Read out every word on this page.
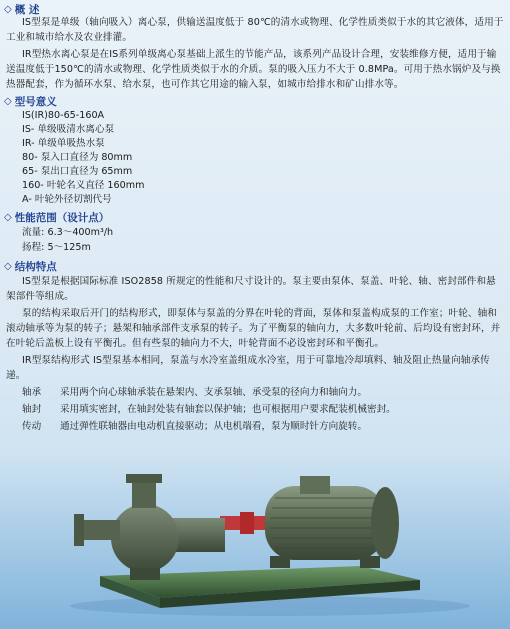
◇ 概 述
IS型泵是单级（轴向吸入）离心泵，供输送温度低于 80℃的清水或物理、化学性质类似于水的其它液体，适用于工业和城市给水及农业排灌。
IR型热水离心泵是在IS系列单级离心泵基础上派生的节能产品，该系列产品设计合理，安装维修方便，适用于输送温度低于150℃的清水或物理、化学性质类似于水的介质。泵的吸入压力不大于 0.8MPa。可用于热水锅炉及与换热器配套，作为循环水泵、给水泵，也可作其它用途的输入泵，如城市给排水和矿山排水等。
◇ 型号意义
IS(IR)80-65-160A
IS- 单级吸清水离心泵
IR- 单级单吸热水泵
80- 泵入口直径为 80mm
65- 泵出口直径为 65mm
160- 叶轮名义直径 160mm
A- 叶轮外径切割代号
◇ 性能范围（设计点）
流量: 6.3～400m³/h
扬程: 5～125m
◇ 结构特点
IS型泵是根据国际标准 ISO2858 所规定的性能和尺寸设计的。泵主要由泵体、泵盖、叶轮、轴、密封部件和悬架部件等组成。
泵的结构采取后开门的结构形式，即泵体与泵盖的分界在叶轮的背面，泵体和泵盖构成泵的工作室；叶轮、轴和滚动轴承等为泵的转子；悬架和轴承部件支承泵的转子。为了平衡泵的轴向力，大多数叶轮前、后均设有密封环，并在叶轮后盖板上设有平衡孔。但有些泵的轴向力不大，叶轮背面不必设密封环和平衡孔。
IR型泵结构形式 IS型泵基本相同，泵盖与水冷室盖组成水冷室，用于可靠地冷却填料、轴及阻止热量向轴承传递。
轴承	采用两个向心球轴承装在悬架内、支承泵轴、承受泵的径向力和轴向力。
轴封	采用填实密封，在轴封处装有轴套以保护轴；也可根据用户要求配装机械密封。
传动	通过弹性联轴器由电动机直接驱动；从电机端看，泵为顺时针方向旋转。
